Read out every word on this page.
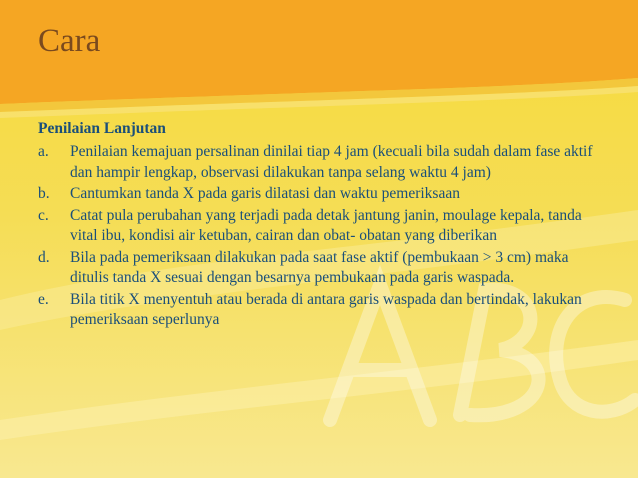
Cara
Penilaian Lanjutan
a. Penilaian kemajuan persalinan dinilai tiap 4 jam (kecuali bila sudah dalam fase aktif dan hampir lengkap, observasi dilakukan tanpa selang waktu 4 jam)
b. Cantumkan tanda X pada garis dilatasi dan waktu pemeriksaan
c. Catat pula perubahan yang terjadi pada detak jantung janin, moulage kepala, tanda vital ibu, kondisi air ketuban, cairan dan obat- obatan yang diberikan
d. Bila pada pemeriksaan dilakukan pada saat fase aktif (pembukaan > 3 cm) maka ditulis tanda X sesuai dengan besarnya pembukaan pada garis waspada.
e. Bila titik X menyentuh atau berada di antara garis waspada dan bertindak, lakukan pemeriksaan seperlunya
